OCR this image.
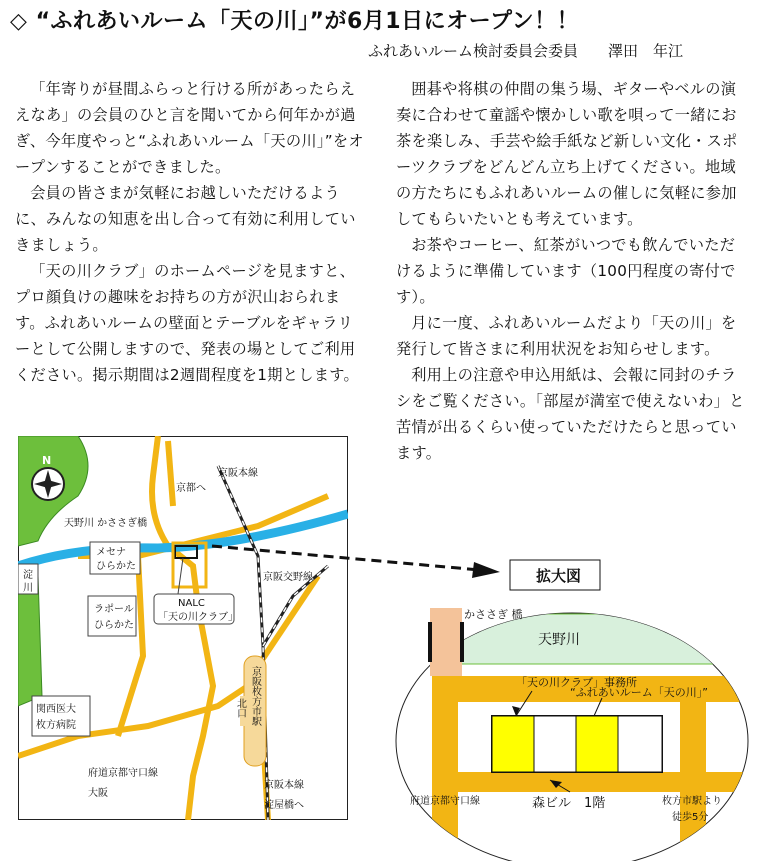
◇ “ふれあいルーム「天の川」”が6月1日にオープン！！
ふれあいルーム検討委員会委員　　澤田　年江

「年寄りが昼間ふらっと行ける所があったらええなあ」の会員のひと言を聞いてから何年かが過ぎ、今年度やっと“ふれあいルーム「天の川」”をオープンすることができました。

会員の皆さまが気軽にお越しいただけるように、みんなの知恵を出し合って有効に利用していきましょう。

「天の川クラブ」のホームページを見ますと、プロ顔負けの趣味をお持ちの方が沢山おられます。ふれあいルームの壁面とテーブルをギャラリーとして公開しますので、発表の場としてご利用ください。掲示期間は2週間程度を1期とします。

囲碁や将棋の仲間の集う場、ギターやベルの演奏に合わせて童謡や懐かしい歌を唄って一緒にお茶を楽しみ、手芸や絵手紙など新しい文化・スポーツクラブをどんどん立ち上げてください。地域の方たちにもふれあいルームの催しに気軽に参加してもらいたいとも考えています。

お茶やコーヒー、紅茶がいつでも飲んでいただけるように準備しています（100円程度の寄付です）。

月に一度、ふれあいルームだより「天の川」を発行して皆さまに利用状況をお知らせします。

利用上の注意や申込用紙は、会報に同封のチラシをご覧ください。「部屋が満室で使えないわ」と苦情が出るくらい使っていただけたらと思っています。

N
京阪本線
京都へ
天野川 かささぎ橋
淀
川
メセナ
ひらかた
京阪交野線
NALC
「天の川クラブ」
ラポール
ひらかた
関西医大
枚方病院
府道京都守口線
大阪
京阪本線
淀屋橋へ
北口 京阪枚方市駅
拡大図
かささぎ 橋
天野川
「天の川クラブ」事務所
“ふれあいルーム「天の川」”
森ビル　1階
府道京都守口線	枚方市駅より
徒歩5分
